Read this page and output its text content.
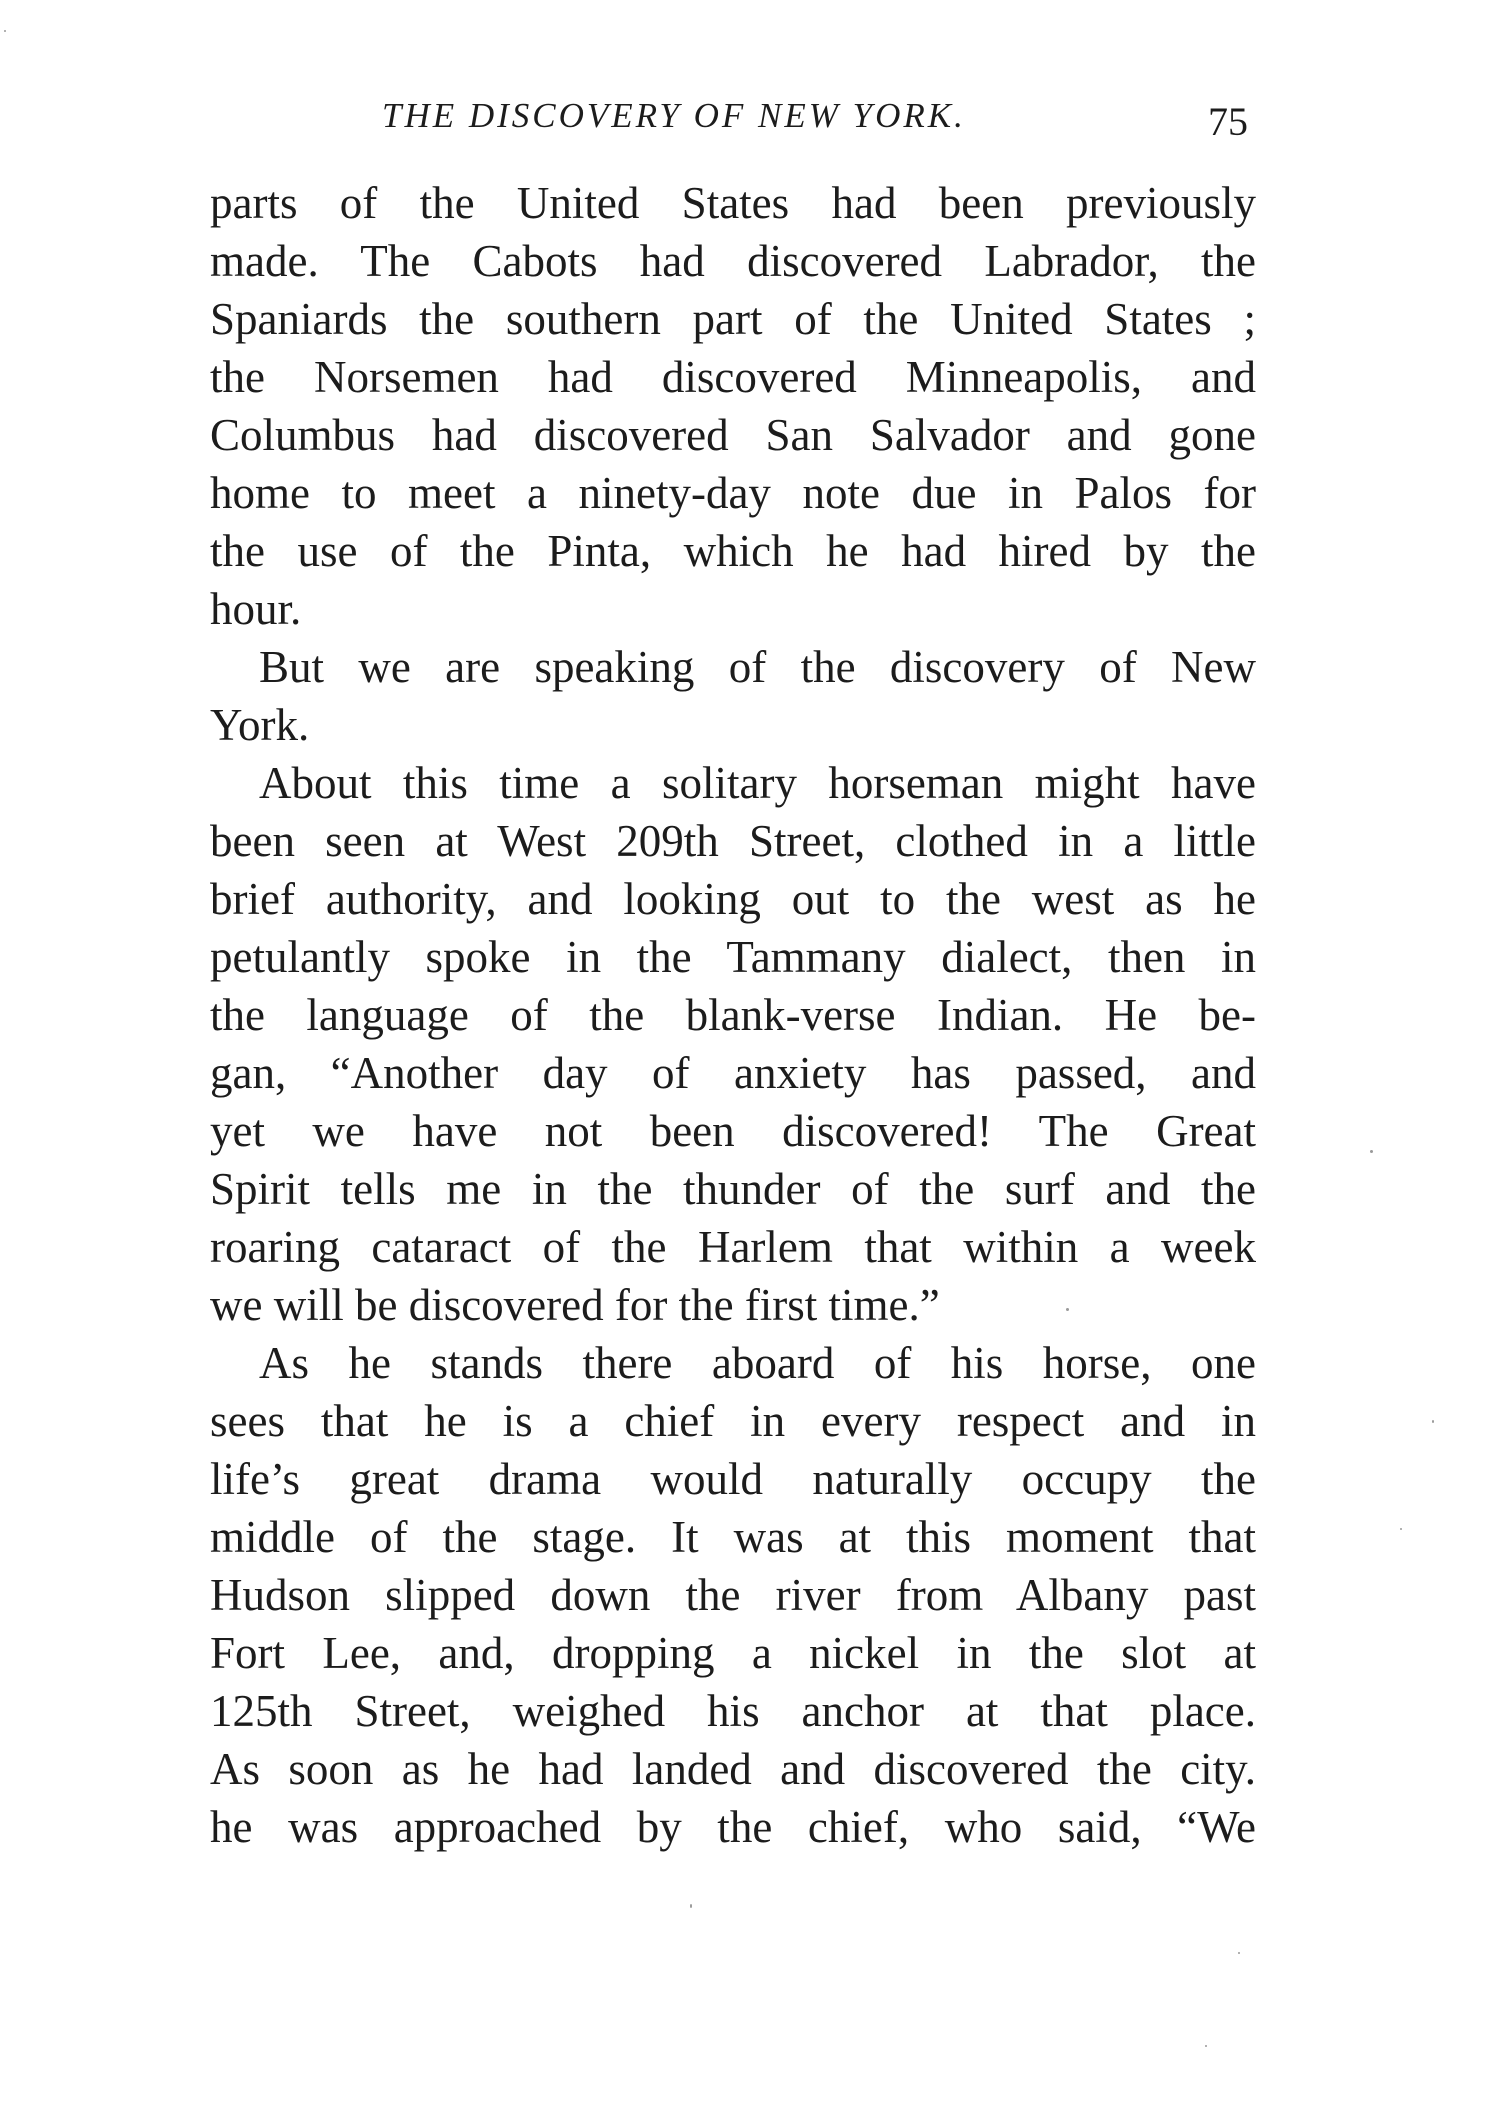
THE DISCOVERY OF NEW YORK.	75
parts of the United States had been previously
made. The Cabots had discovered Labrador, the
Spaniards the southern part of the United States ;
the Norsemen had discovered Minneapolis, and
Columbus had discovered San Salvador and gone
home to meet a ninety-day note due in Palos for
the use of the Pinta, which he had hired by the
hour.
But we are speaking of the discovery of New
York.
About this time a solitary horseman might have
been seen at West 209th Street, clothed in a little
brief authority, and looking out to the west as he
petulantly spoke in the Tammany dialect, then in
the language of the blank-verse Indian. He be-
gan, “Another day of anxiety has passed, and
yet we have not been discovered! The Great
Spirit tells me in the thunder of the surf and the
roaring cataract of the Harlem that within a week
we will be discovered for the first time.”
As he stands there aboard of his horse, one
sees that he is a chief in every respect and in
life’s great drama would naturally occupy the
middle of the stage. It was at this moment that
Hudson slipped down the river from Albany past
Fort Lee, and, dropping a nickel in the slot at
125th Street, weighed his anchor at that place.
As soon as he had landed and discovered the city.
he was approached by the chief, who said, “We
